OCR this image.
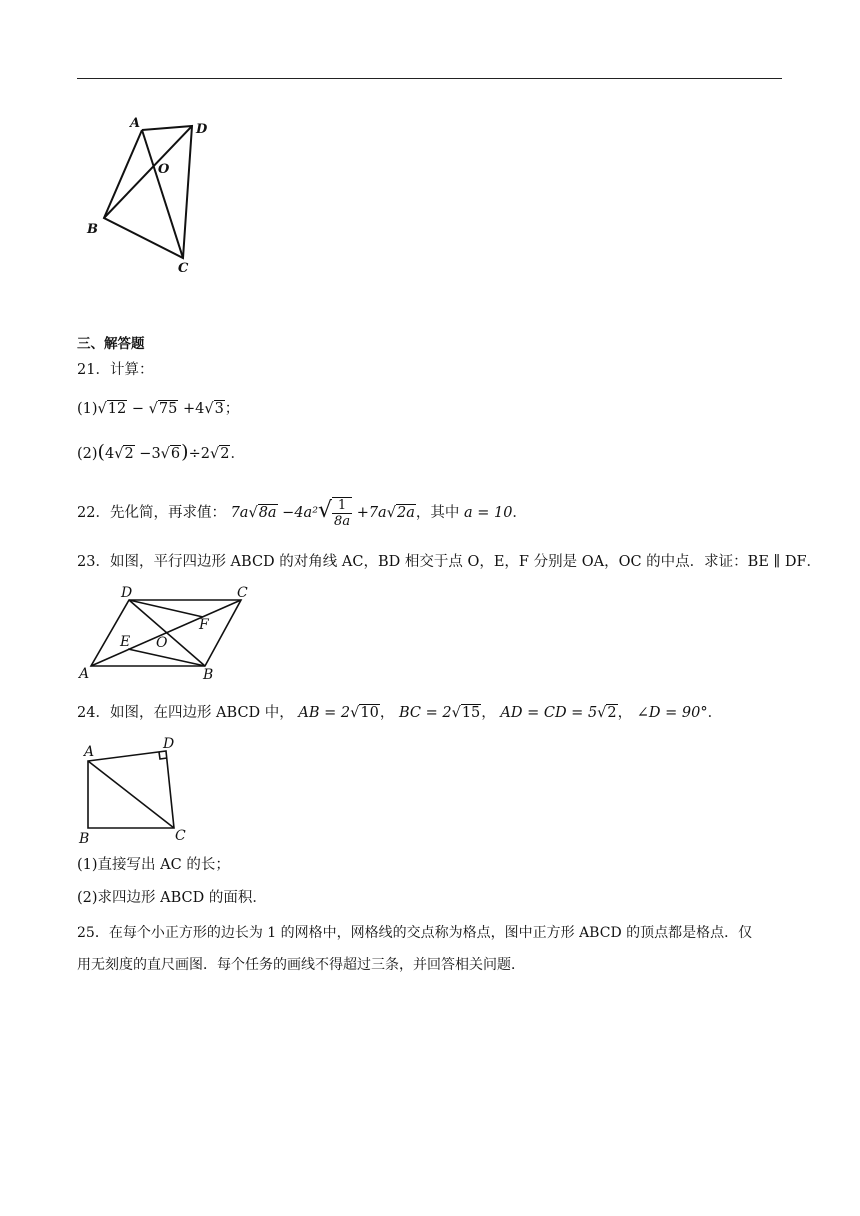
A	D
O
B
C
三、解答题
21．计算：
(1)√12 − √75 +4√3；
(2)(4√2 −3√6)÷2√2．
22．先化简，再求值： $7a√8a -4a^2√ \frac{1}{8a} +7a√2a$，其中 a = 10．
23．如图，平行四边形 ABCD 的对角线 AC，BD 相交于点 O，E，F 分别是 OA，OC 的中点．求证：BE ∥ DF．
D	C
F
E O
A	B
24．如图，在四边形 ABCD 中， AB = 2√10， BC = 2√15， AD = CD = 5√2， ∠D = 90°．
A	D
B	C
(1)直接写出 AC 的长；
(2)求四边形 ABCD 的面积．
25．在每个小正方形的边长为 1 的网格中，网格线的交点称为格点，图中正方形 ABCD 的顶点都是格点．仅
用无刻度的直尺画图．每个任务的画线不得超过三条，并回答相关问题．
